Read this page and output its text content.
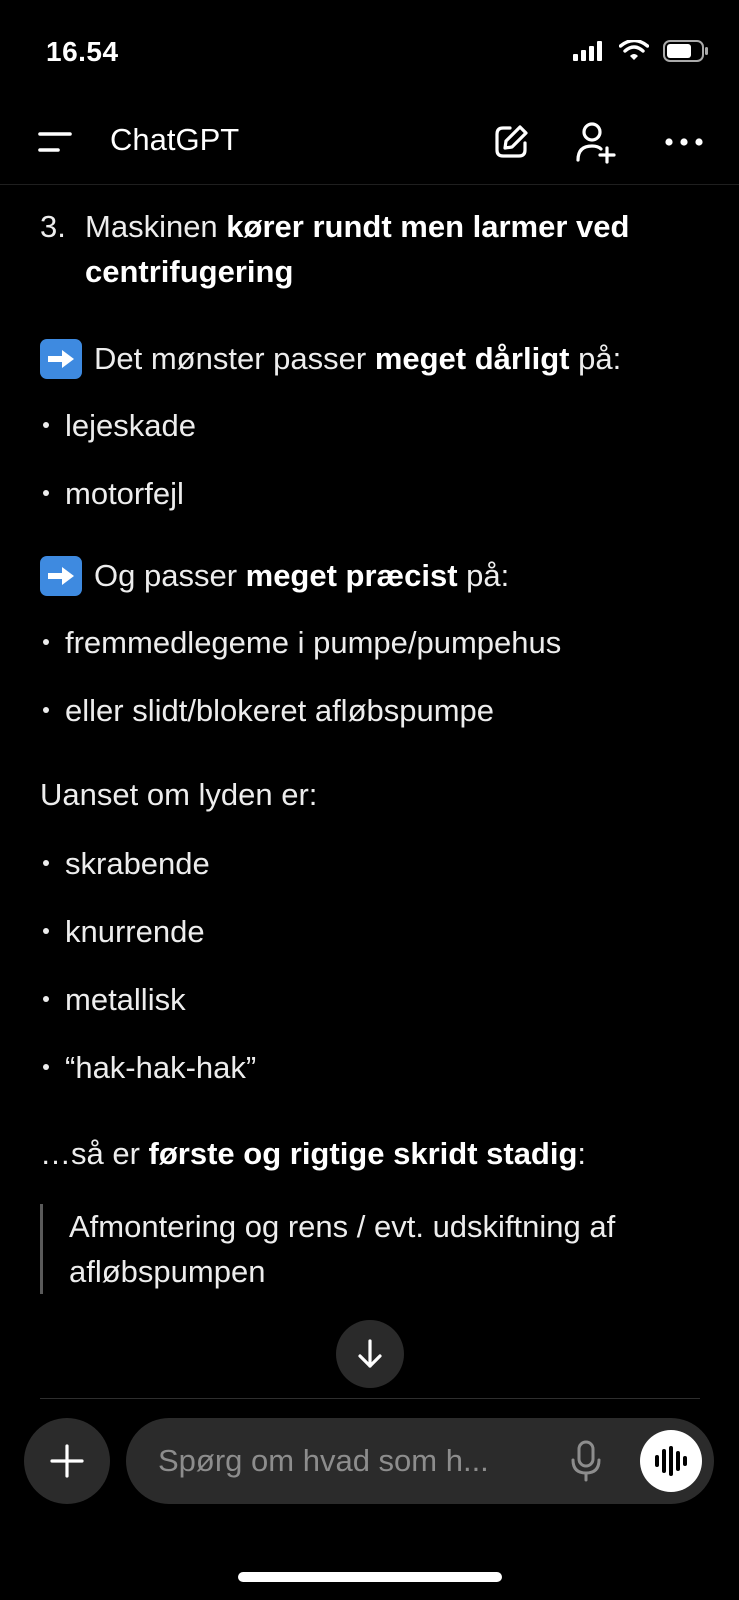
16.54
ChatGPT
3. Maskinen kører rundt men larmer ved centrifugering
Det mønster passer meget dårligt på:
lejeskade
motorfejl
Og passer meget præcist på:
fremmedlegeme i pumpe/pumpehus
eller slidt/blokeret afløbspumpe
Uanset om lyden er:
skrabende
knurrende
metallisk
“hak-hak-hak”
…så er første og rigtige skridt stadig:
Afmontering og rens / evt. udskiftning af afløbspumpen
Spørg om hvad som h...
